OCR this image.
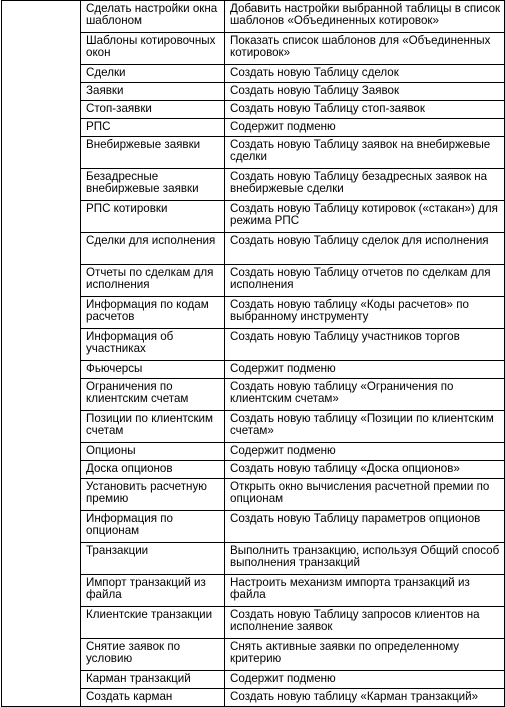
	Сделать настройки окна шаблоном	Добавить настройки выбранной таблицы в список шаблонов «Объединенных котировок»
	Шаблоны котировочных окон	Показать список шаблонов для «Объединенных котировок»
	Сделки	Создать новую Таблицу сделок
	Заявки	Создать новую Таблицу Заявок
	Стоп-заявки	Создать новую Таблицу стоп-заявок
	РПС	Содержит подменю
	Внебиржевые заявки	Создать новую Таблицу заявок на внебиржевые сделки
	Безадресные внебиржевые заявки	Создать новую Таблицу безадресных заявок на внебиржевые сделки
	РПС котировки	Создать новую Таблицу котировок («стакан») для режима РПС
	Сделки для исполнения	Создать новую Таблицу сделок для исполнения
	Отчеты по сделкам для исполнения	Создать новую Таблицу отчетов по сделкам для исполнения
	Информация по кодам расчетов	Создать новую таблицу «Коды расчетов» по выбранному инструменту
	Информация об участниках	Создать новую Таблицу участников торгов
	Фьючерсы	Содержит подменю
	Ограничения по клиентским счетам	Создать новую таблицу «Ограничения по клиентским счетам»
	Позиции по клиентским счетам	Создать новую таблицу «Позиции по клиентским счетам»
	Опционы	Содержит подменю
	Доска опционов	Создать новую таблицу «Доска опционов»
	Установить расчетную премию	Открыть окно вычисления расчетной премии по опционам
	Информация по опционам	Создать новую Таблицу параметров опционов
	Транзакции	Выполнить транзакцию, используя Общий способ выполнения транзакций
	Импорт транзакций из файла	Настроить механизм импорта транзакций из файла
	Клиентские транзакции	Создать новую Таблицу запросов клиентов на исполнение заявок
	Снятие заявок по условию	Снять активные заявки по определенному критерию
	Карман транзакций	Содержит подменю
	Создать карман	Создать новую таблицу «Карман транзакций»
